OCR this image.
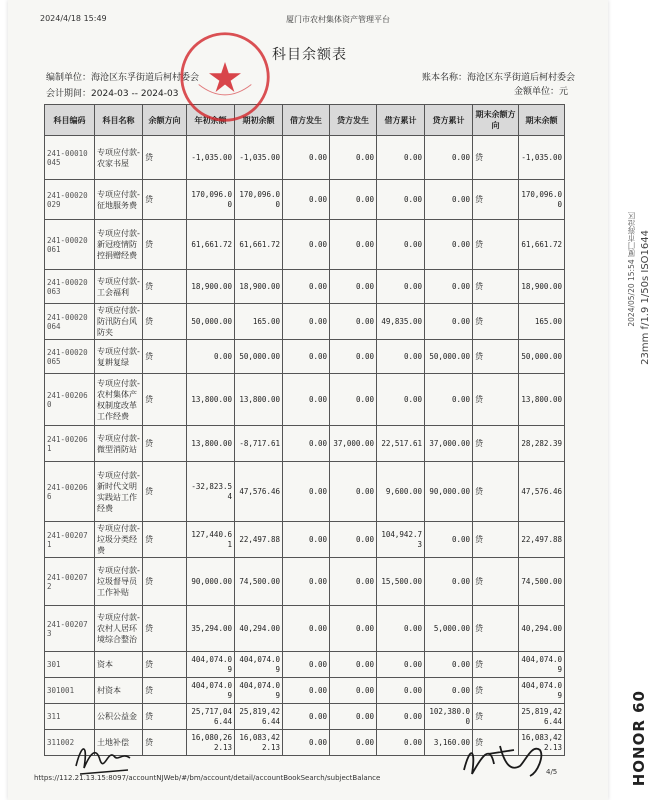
2024/4/18 15:49	厦门市农村集体资产管理平台
科目余额表
编制单位：海沧区东孚街道后柯村委会	账本名称：海沧区东孚街道后柯村委会
会计期间：2024-03 -- 2024-03	金额单位：元
科目编码	科目名称	余额方向	年初余额	期初余额	借方发生	贷方发生	借方累计	贷方累计	期末余额方向	期末余额
241-00010045	专项应付款-农家书屋	贷	-1,035.00	-1,035.00	0.00	0.00	0.00	0.00	贷	-1,035.00
241-00020029	专项应付款-征地服务费	贷	170,096.00	170,096.00	0.00	0.00	0.00	0.00	贷	170,096.00
241-00020061	专项应付款-新冠疫情防控捐赠经费	贷	61,661.72	61,661.72	0.00	0.00	0.00	0.00	贷	61,661.72
241-00020063	专项应付款-工会福利	贷	18,900.00	18,900.00	0.00	0.00	0.00	0.00	贷	18,900.00
241-00020064	专项应付款-防汛防台风防夹	贷	50,000.00	165.00	0.00	0.00	49,835.00	0.00	贷	165.00
241-00020065	专项应付款-复耕复绿	贷	0.00	50,000.00	0.00	0.00	0.00	50,000.00	贷	50,000.00
241-002060	专项应付款-农村集体产权制度改革工作经费	贷	13,800.00	13,800.00	0.00	0.00	0.00	0.00	贷	13,800.00
241-002061	专项应付款-微型消防站	贷	13,800.00	-8,717.61	0.00	37,000.00	22,517.61	37,000.00	贷	28,282.39
241-002066	专项应付款-新时代文明实践站工作经费	贷	-32,823.54	47,576.46	0.00	0.00	9,600.00	90,000.00	贷	47,576.46
241-002071	专项应付款-垃圾分类经费	贷	127,440.61	22,497.88	0.00	0.00	104,942.73	0.00	贷	22,497.88
241-002072	专项应付款-垃圾督导员工作补贴	贷	90,000.00	74,500.00	0.00	0.00	15,500.00	0.00	贷	74,500.00
241-002073	专项应付款-农村人居环境综合整治	贷	35,294.00	40,294.00	0.00	0.00	0.00	5,000.00	贷	40,294.00
301	资本	贷	404,074.09	404,074.09	0.00	0.00	0.00	0.00	贷	404,074.09
301001	村资本	贷	404,074.09	404,074.09	0.00	0.00	0.00	0.00	贷	404,074.09
311	公积公益金	贷	25,717,046.44	25,819,426.44	0.00	0.00	0.00	102,380.00	贷	25,819,426.44
311002	土地补偿	贷	16,080,262.13	16,083,422.13	0.00	0.00	0.00	3,160.00	贷	16,083,422.13
https://112.21.13.15:8097/accountNJWeb/#/bm/account/detail/accountBookSearch/subjectBalance
4/5
23mm f/1.9 1/50s ISO1644
2024/05/20 15:54 厦门市海沧区
HONOR 60
